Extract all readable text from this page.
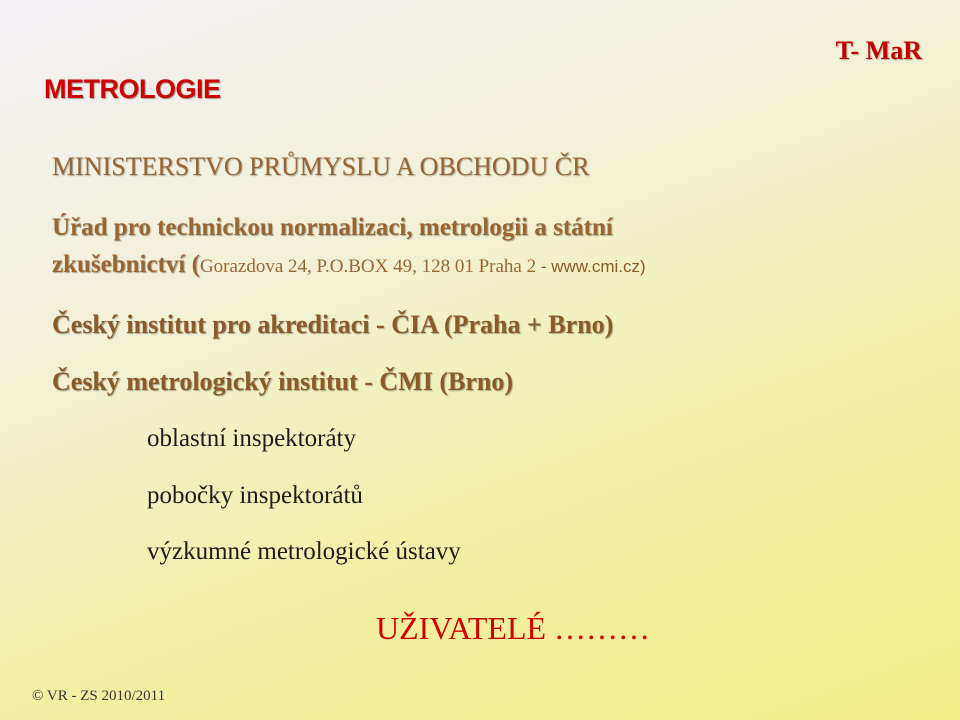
METROLOGIE
T- MaR
MINISTERSTVO PRŮMYSLU A OBCHODU ČR
Úřad pro technickou normalizaci, metrologii a státní
zkušebnictví (Gorazdova 24, P.O.BOX 49, 128 01 Praha 2 - www.cmi.cz)
Český institut pro akreditaci - ČIA (Praha + Brno)
Český metrologický institut - ČMI (Brno)
oblastní inspektoráty
pobočky inspektorátů
výzkumné metrologické ústavy
UŽIVATELÉ ………
© VR - ZS 2010/2011
